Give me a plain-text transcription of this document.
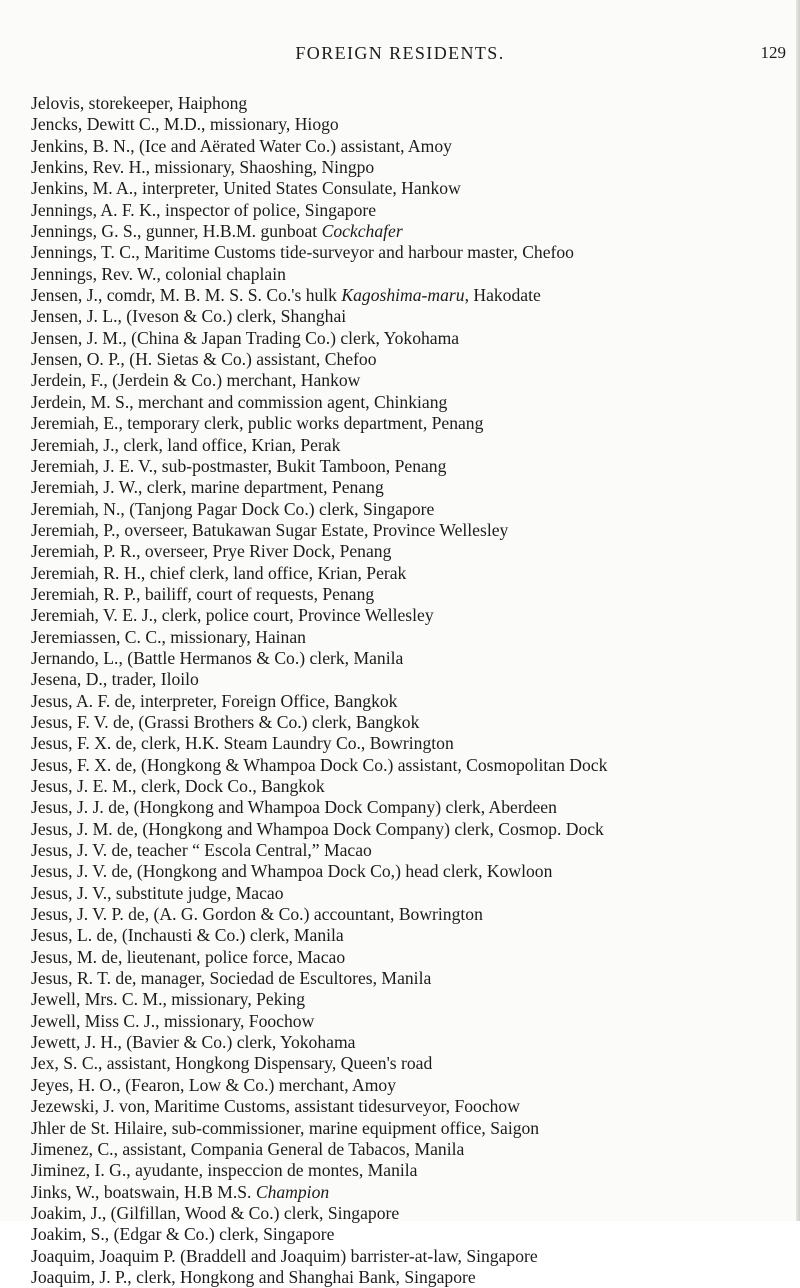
FOREIGN RESIDENTS.	129
Jelovis, storekeeper, Haiphong
Jencks, Dewitt C., M.D., missionary, Hiogo
Jenkins, B. N., (Ice and Aërated Water Co.) assistant, Amoy
Jenkins, Rev. H., missionary, Shaoshing, Ningpo
Jenkins, M. A., interpreter, United States Consulate, Hankow
Jennings, A. F. K., inspector of police, Singapore
Jennings, G. S., gunner, H.B.M. gunboat Cockchafer
Jennings, T. C., Maritime Customs tide-surveyor and harbour master, Chefoo
Jennings, Rev. W., colonial chaplain
Jensen, J., comdr, M. B. M. S. S. Co.'s hulk Kagoshima-maru, Hakodate
Jensen, J. L., (Iveson & Co.) clerk, Shanghai
Jensen, J. M., (China & Japan Trading Co.) clerk, Yokohama
Jensen, O. P., (H. Sietas & Co.) assistant, Chefoo
Jerdein, F., (Jerdein & Co.) merchant, Hankow
Jerdein, M. S., merchant and commission agent, Chinkiang
Jeremiah, E., temporary clerk, public works department, Penang
Jeremiah, J., clerk, land office, Krian, Perak
Jeremiah, J. E. V., sub-postmaster, Bukit Tamboon, Penang
Jeremiah, J. W., clerk, marine department, Penang
Jeremiah, N., (Tanjong Pagar Dock Co.) clerk, Singapore
Jeremiah, P., overseer, Batukawan Sugar Estate, Province Wellesley
Jeremiah, P. R., overseer, Prye River Dock, Penang
Jeremiah, R. H., chief clerk, land office, Krian, Perak
Jeremiah, R. P., bailiff, court of requests, Penang
Jeremiah, V. E. J., clerk, police court, Province Wellesley
Jeremiassen, C. C., missionary, Hainan
Jernando, L., (Battle Hermanos & Co.) clerk, Manila
Jesena, D., trader, Iloilo
Jesus, A. F. de, interpreter, Foreign Office, Bangkok
Jesus, F. V. de, (Grassi Brothers & Co.) clerk, Bangkok
Jesus, F. X. de, clerk, H.K. Steam Laundry Co., Bowrington
Jesus, F. X. de, (Hongkong & Whampoa Dock Co.) assistant, Cosmopolitan Dock
Jesus, J. E. M., clerk, Dock Co., Bangkok
Jesus, J. J. de, (Hongkong and Whampoa Dock Company) clerk, Aberdeen
Jesus, J. M. de, (Hongkong and Whampoa Dock Company) clerk, Cosmop. Dock
Jesus, J. V. de, teacher “ Escola Central,” Macao
Jesus, J. V. de, (Hongkong and Whampoa Dock Co,) head clerk, Kowloon
Jesus, J. V., substitute judge, Macao
Jesus, J. V. P. de, (A. G. Gordon & Co.) accountant, Bowrington
Jesus, L. de, (Inchausti & Co.) clerk, Manila
Jesus, M. de, lieutenant, police force, Macao
Jesus, R. T. de, manager, Sociedad de Escultores, Manila
Jewell, Mrs. C. M., missionary, Peking
Jewell, Miss C. J., missionary, Foochow
Jewett, J. H., (Bavier & Co.) clerk, Yokohama
Jex, S. C., assistant, Hongkong Dispensary, Queen's road
Jeyes, H. O., (Fearon, Low & Co.) merchant, Amoy
Jezewski, J. von, Maritime Customs, assistant tidesurveyor, Foochow
Jhler de St. Hilaire, sub-commissioner, marine equipment office, Saigon
Jimenez, C., assistant, Compania General de Tabacos, Manila
Jiminez, I. G., ayudante, inspeccion de montes, Manila
Jinks, W., boatswain, H.B M.S. Champion
Joakim, J., (Gilfillan, Wood & Co.) clerk, Singapore
Joakim, S., (Edgar & Co.) clerk, Singapore
Joaquim, Joaquim P. (Braddell and Joaquim) barrister-at-law, Singapore
Joaquim, J. P., clerk, Hongkong and Shanghai Bank, Singapore
